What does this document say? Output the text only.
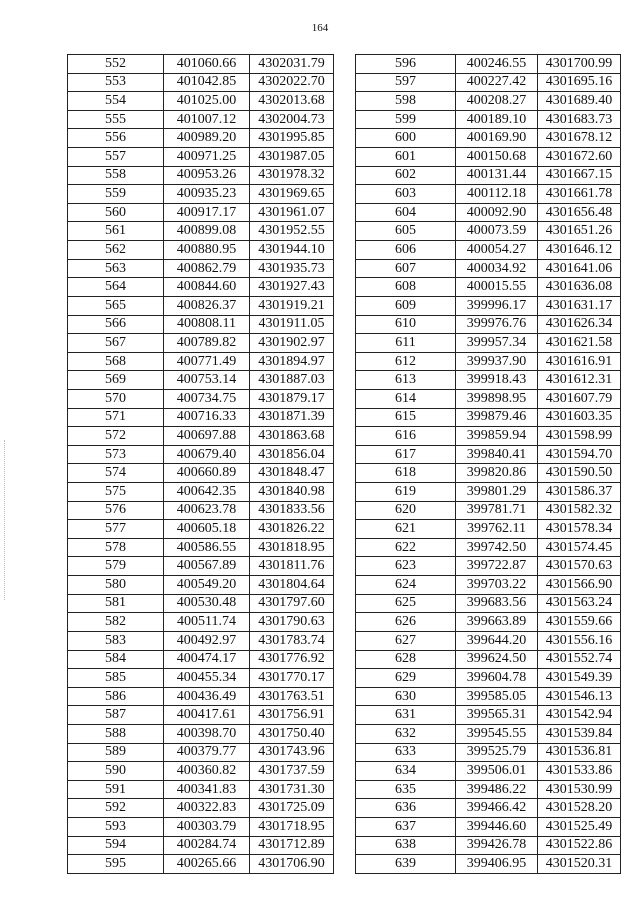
164
552	401060.66	4302031.79
553	401042.85	4302022.70
554	401025.00	4302013.68
555	401007.12	4302004.73
556	400989.20	4301995.85
557	400971.25	4301987.05
558	400953.26	4301978.32
559	400935.23	4301969.65
560	400917.17	4301961.07
561	400899.08	4301952.55
562	400880.95	4301944.10
563	400862.79	4301935.73
564	400844.60	4301927.43
565	400826.37	4301919.21
566	400808.11	4301911.05
567	400789.82	4301902.97
568	400771.49	4301894.97
569	400753.14	4301887.03
570	400734.75	4301879.17
571	400716.33	4301871.39
572	400697.88	4301863.68
573	400679.40	4301856.04
574	400660.89	4301848.47
575	400642.35	4301840.98
576	400623.78	4301833.56
577	400605.18	4301826.22
578	400586.55	4301818.95
579	400567.89	4301811.76
580	400549.20	4301804.64
581	400530.48	4301797.60
582	400511.74	4301790.63
583	400492.97	4301783.74
584	400474.17	4301776.92
585	400455.34	4301770.17
586	400436.49	4301763.51
587	400417.61	4301756.91
588	400398.70	4301750.40
589	400379.77	4301743.96
590	400360.82	4301737.59
591	400341.83	4301731.30
592	400322.83	4301725.09
593	400303.79	4301718.95
594	400284.74	4301712.89
595	400265.66	4301706.90
596	400246.55	4301700.99
597	400227.42	4301695.16
598	400208.27	4301689.40
599	400189.10	4301683.73
600	400169.90	4301678.12
601	400150.68	4301672.60
602	400131.44	4301667.15
603	400112.18	4301661.78
604	400092.90	4301656.48
605	400073.59	4301651.26
606	400054.27	4301646.12
607	400034.92	4301641.06
608	400015.55	4301636.08
609	399996.17	4301631.17
610	399976.76	4301626.34
611	399957.34	4301621.58
612	399937.90	4301616.91
613	399918.43	4301612.31
614	399898.95	4301607.79
615	399879.46	4301603.35
616	399859.94	4301598.99
617	399840.41	4301594.70
618	399820.86	4301590.50
619	399801.29	4301586.37
620	399781.71	4301582.32
621	399762.11	4301578.34
622	399742.50	4301574.45
623	399722.87	4301570.63
624	399703.22	4301566.90
625	399683.56	4301563.24
626	399663.89	4301559.66
627	399644.20	4301556.16
628	399624.50	4301552.74
629	399604.78	4301549.39
630	399585.05	4301546.13
631	399565.31	4301542.94
632	399545.55	4301539.84
633	399525.79	4301536.81
634	399506.01	4301533.86
635	399486.22	4301530.99
636	399466.42	4301528.20
637	399446.60	4301525.49
638	399426.78	4301522.86
639	399406.95	4301520.31
